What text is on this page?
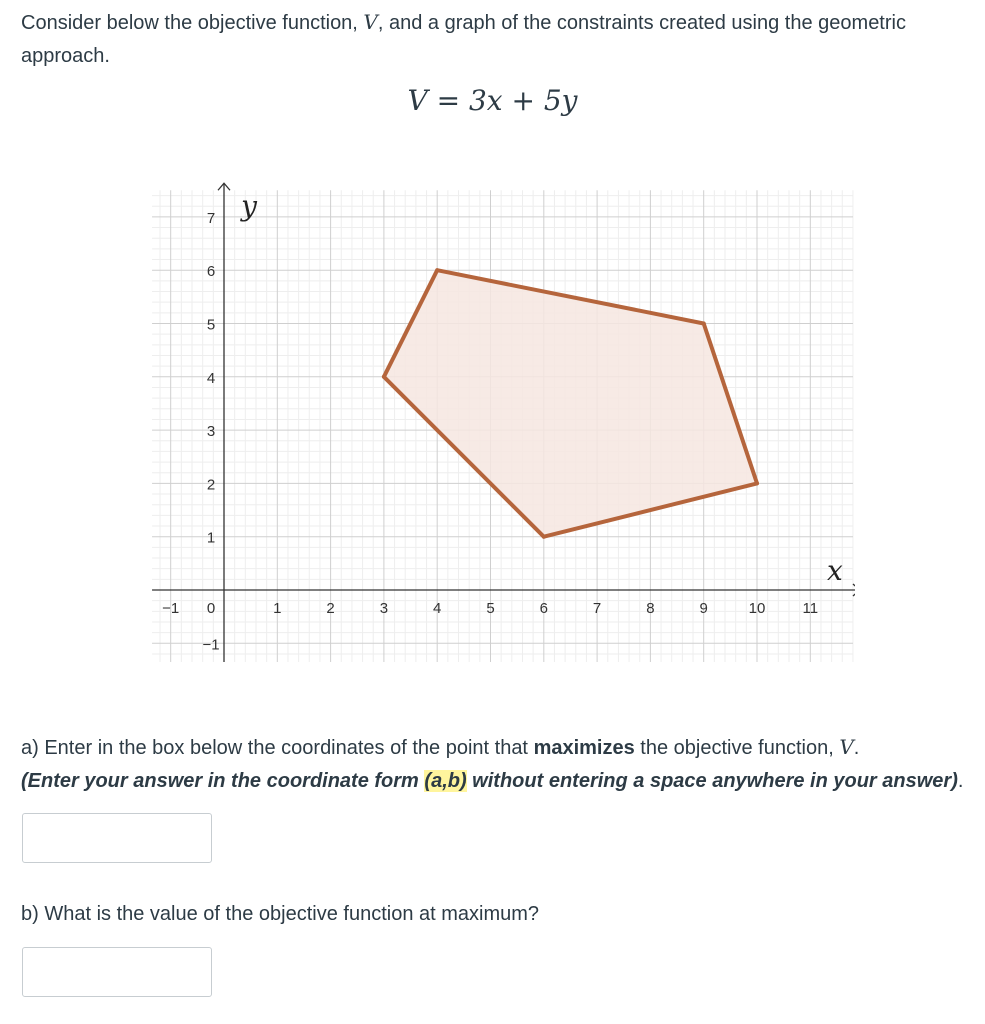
Consider below the objective function, V, and a graph of the constraints created using the geometric approach.

V = 3x + 5y
−1 0	1	2	3	4	5	6	7	8	9	10 11
7
6
5
4
3
2
1
−1
x
y

a) Enter in the box below the coordinates of the point that maximizes the objective function, V.
(Enter your answer in the coordinate form (a,b) without entering a space anywhere in your answer).

b) What is the value of the objective function at maximum?
